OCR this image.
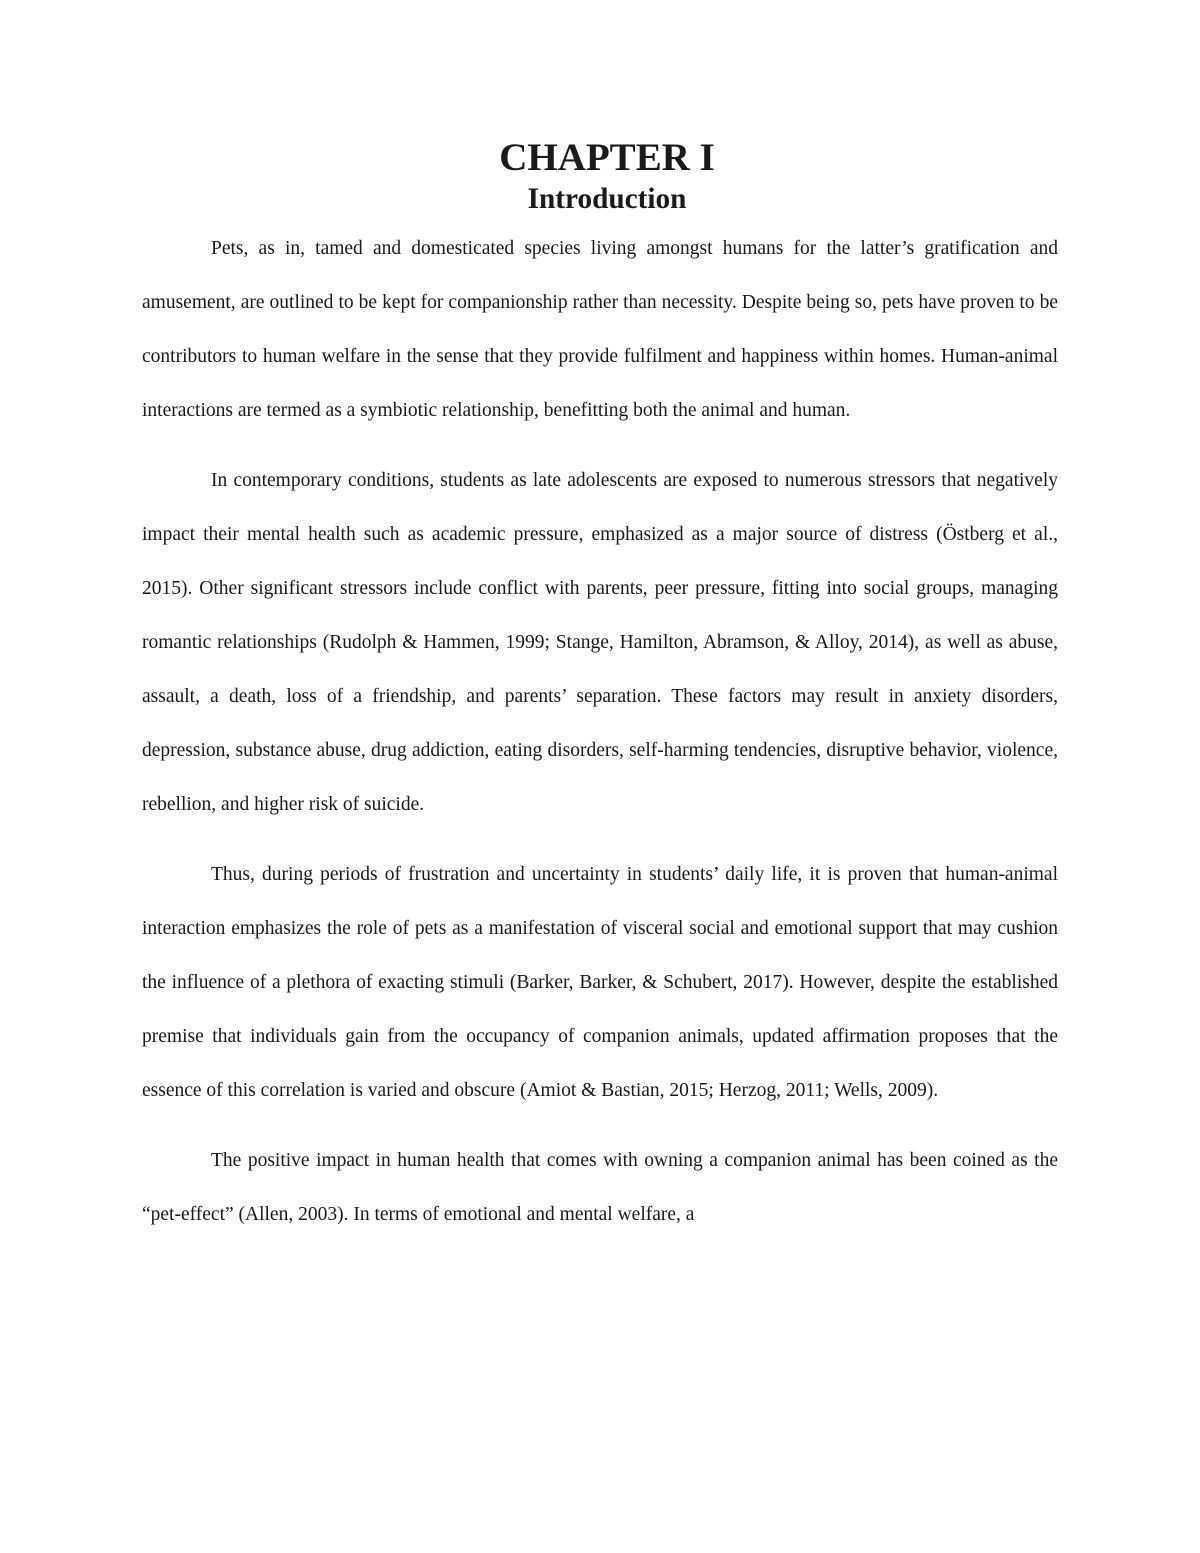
CHAPTER I
Introduction

Pets, as in, tamed and domesticated species living amongst humans for the latter’s gratification and amusement, are outlined to be kept for companionship rather than necessity. Despite being so, pets have proven to be contributors to human welfare in the sense that they provide fulfilment and happiness within homes. Human-animal interactions are termed as a symbiotic relationship, benefitting both the animal and human.

In contemporary conditions, students as late adolescents are exposed to numerous stressors that negatively impact their mental health such as academic pressure, emphasized as a major source of distress (Östberg et al., 2015). Other significant stressors include conflict with parents, peer pressure, fitting into social groups, managing romantic relationships (Rudolph & Hammen, 1999; Stange, Hamilton, Abramson, & Alloy, 2014), as well as abuse, assault, a death, loss of a friendship, and parents’ separation. These factors may result in anxiety disorders, depression, substance abuse, drug addiction, eating disorders, self-harming tendencies, disruptive behavior, violence, rebellion, and higher risk of suicide.

Thus, during periods of frustration and uncertainty in students’ daily life, it is proven that human-animal interaction emphasizes the role of pets as a manifestation of visceral social and emotional support that may cushion the influence of a plethora of exacting stimuli (Barker, Barker, & Schubert, 2017). However, despite the established premise that individuals gain from the occupancy of companion animals, updated affirmation proposes that the essence of this correlation is varied and obscure (Amiot & Bastian, 2015; Herzog, 2011; Wells, 2009).

The positive impact in human health that comes with owning a companion animal has been coined as the “pet-effect” (Allen, 2003). In terms of emotional and mental welfare, a
